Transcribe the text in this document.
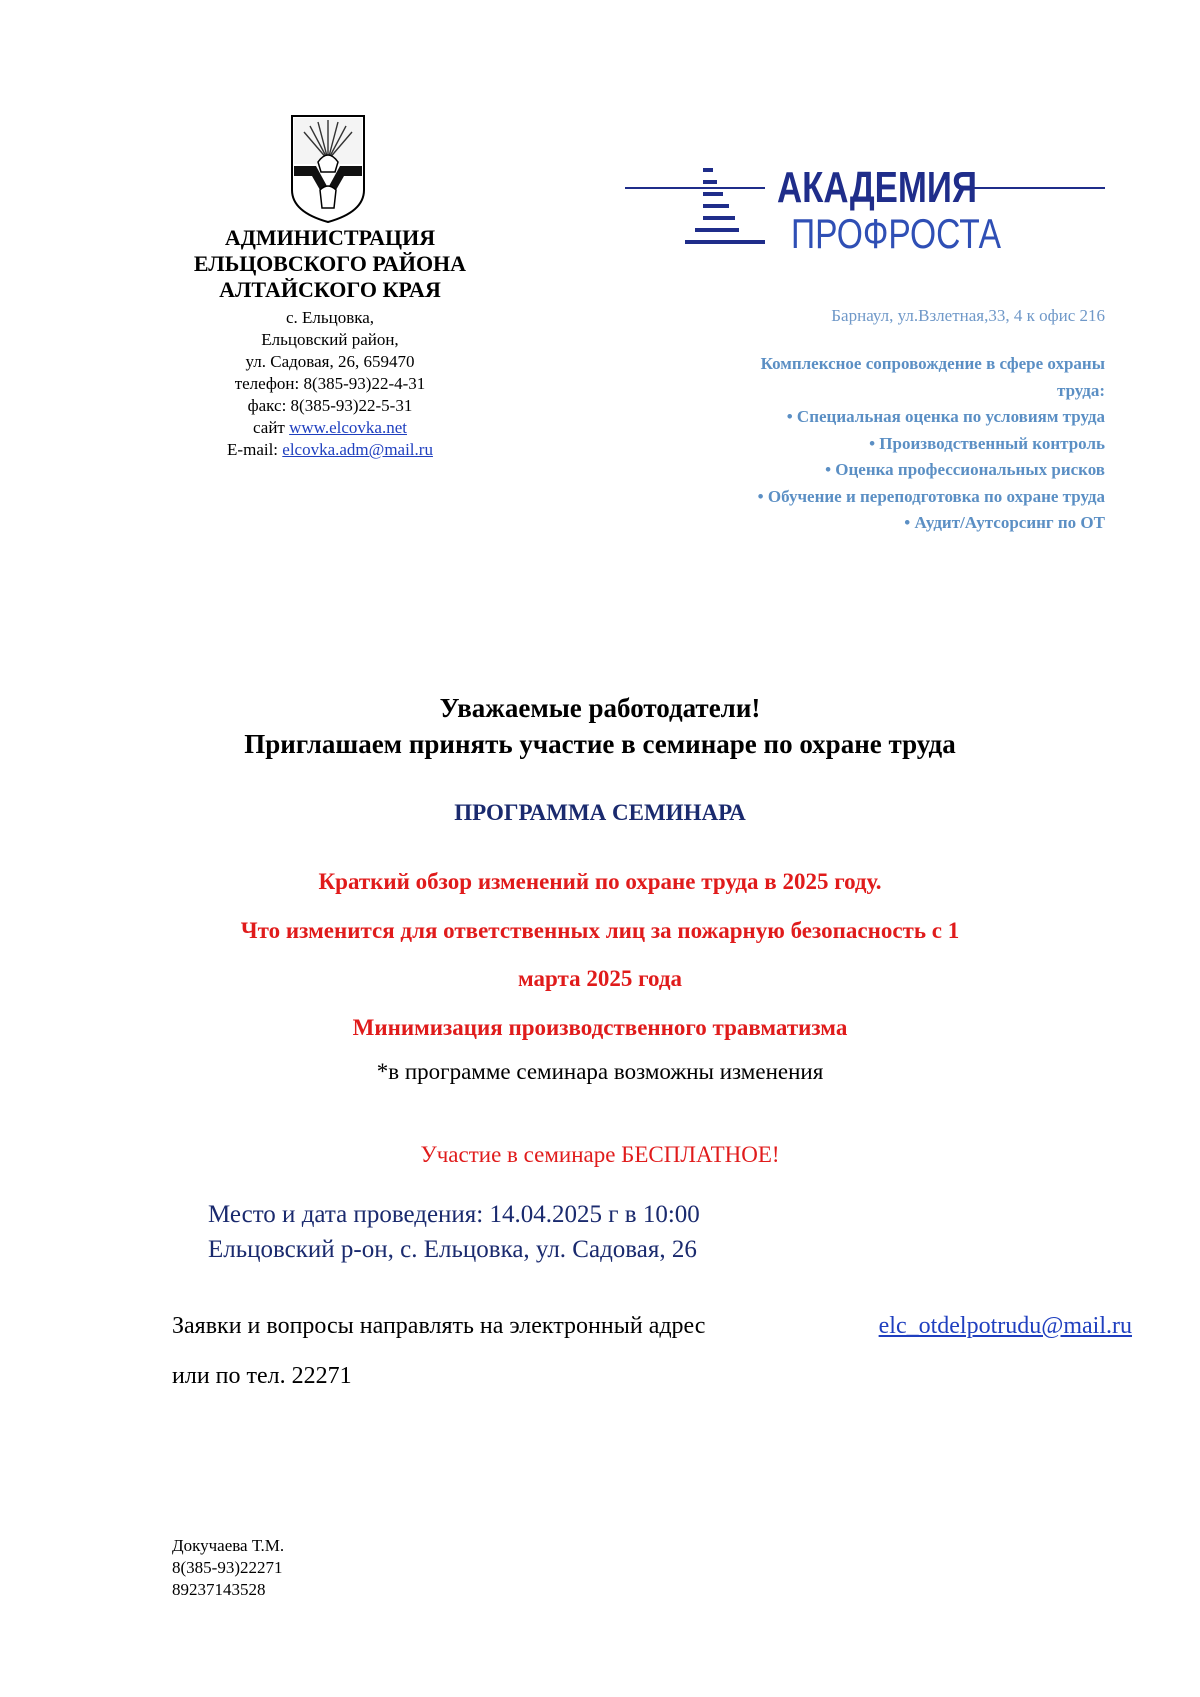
АДМИНИСТРАЦИЯ
ЕЛЬЦОВСКОГО РАЙОНА
АЛТАЙСКОГО КРАЯ
с. Ельцовка,
Ельцовский район,
ул. Садовая, 26, 659470
телефон: 8(385-93)22-4-31
факс: 8(385-93)22-5-31
сайт www.elcovka.net
E-mail: elcovka.adm@mail.ru
АКАДЕМИЯ
ПРОФРОСТА
Барнаул, ул.Взлетная,33, 4 к офис 216
Комплексное сопровождение в сфере охраны
труда:
• Специальная оценка по условиям труда
• Производственный контроль
• Оценка профессиональных рисков
• Обучение и переподготовка по охране труда
• Аудит/Аутсорсинг по ОТ
Уважаемые работодатели!
Приглашаем принять участие в семинаре по охране труда
ПРОГРАММА СЕМИНАРА
Краткий обзор изменений по охране труда в 2025 году.
Что изменится для ответственных лиц за пожарную безопасность с 1
марта 2025 года
Минимизация производственного травматизма
*в программе семинара возможны изменения
Участие в семинаре БЕСПЛАТНОЕ!
Место и дата проведения: 14.04.2025 г в 10:00
Ельцовский р-он, с. Ельцовка, ул. Садовая, 26
Заявки и вопросы направлять на электронный адрес	elc_otdelpotrudu@mail.ru
или по тел. 22271
Докучаева Т.М.
8(385-93)22271
89237143528
